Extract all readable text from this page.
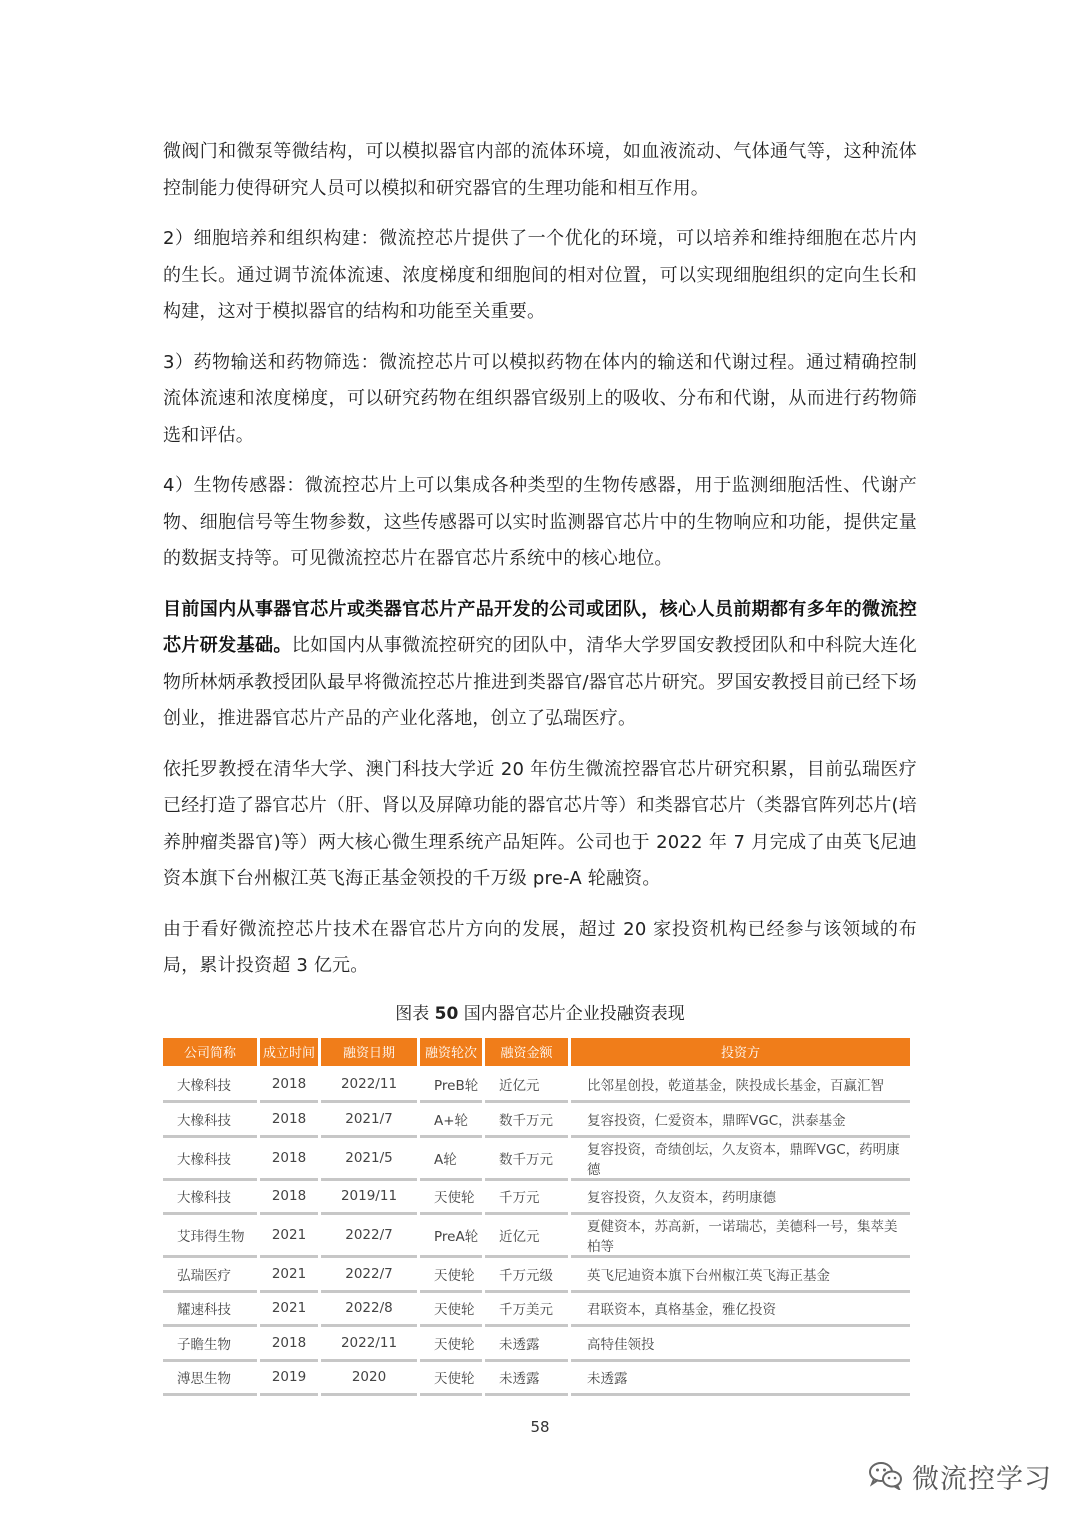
微阀门和微泵等微结构，可以模拟器官内部的流体环境，如血液流动、气体通气等，这种流体控制能力使得研究人员可以模拟和研究器官的生理功能和相互作用。

2）细胞培养和组织构建：微流控芯片提供了一个优化的环境，可以培养和维持细胞在芯片内的生长。通过调节流体流速、浓度梯度和细胞间的相对位置，可以实现细胞组织的定向生长和构建，这对于模拟器官的结构和功能至关重要。

3）药物输送和药物筛选：微流控芯片可以模拟药物在体内的输送和代谢过程。通过精确控制流体流速和浓度梯度，可以研究药物在组织器官级别上的吸收、分布和代谢，从而进行药物筛选和评估。

4）生物传感器：微流控芯片上可以集成各种类型的生物传感器，用于监测细胞活性、代谢产物、细胞信号等生物参数，这些传感器可以实时监测器官芯片中的生物响应和功能，提供定量的数据支持等。可见微流控芯片在器官芯片系统中的核心地位。

目前国内从事器官芯片或类器官芯片产品开发的公司或团队，核心人员前期都有多年的微流控芯片研发基础。比如国内从事微流控研究的团队中，清华大学罗国安教授团队和中科院大连化物所林炳承教授团队最早将微流控芯片推进到类器官/器官芯片研究。罗国安教授目前已经下场创业，推进器官芯片产品的产业化落地，创立了弘瑞医疗。

依托罗教授在清华大学、澳门科技大学近 20 年仿生微流控器官芯片研究积累，目前弘瑞医疗已经打造了器官芯片（肝、肾以及屏障功能的器官芯片等）和类器官芯片（类器官阵列芯片(培养肿瘤类器官)等）两大核心微生理系统产品矩阵。公司也于 2022 年 7 月完成了由英飞尼迪资本旗下台州椒江英飞海正基金领投的千万级 pre-A 轮融资。

由于看好微流控芯片技术在器官芯片方向的发展，超过 20 家投资机构已经参与该领域的布局，累计投资超 3 亿元。

图表 50 国内器官芯片企业投融资表现
公司简称	成立时间	融资日期	融资轮次	融资金额	投资方
大橡科技	2018	2022/11	PreB轮	近亿元	比邻星创投，乾道基金，陕投成长基金，百赢汇智
大橡科技	2018	2021/7	A+轮	数千万元	复容投资，仁爱资本，鼎晖VGC，洪泰基金
大橡科技	2018	2021/5	A轮	数千万元	复容投资，奇绩创坛，久友资本，鼎晖VGC，药明康德
大橡科技	2018	2019/11	天使轮	千万元	复容投资，久友资本，药明康德
艾玮得生物	2021	2022/7	PreA轮	近亿元	夏健资本，苏高新，一诺瑞芯，美德科一号，集萃美柏等
弘瑞医疗	2021	2022/7	天使轮	千万元级	英飞尼迪资本旗下台州椒江英飞海正基金
耀速科技	2021	2022/8	天使轮	千万美元	君联资本，真格基金，雅亿投资
子瞻生物	2018	2022/11	天使轮	未透露	高特佳领投
溥思生物	2019	2020	天使轮	未透露	未透露
58
微流控学习
